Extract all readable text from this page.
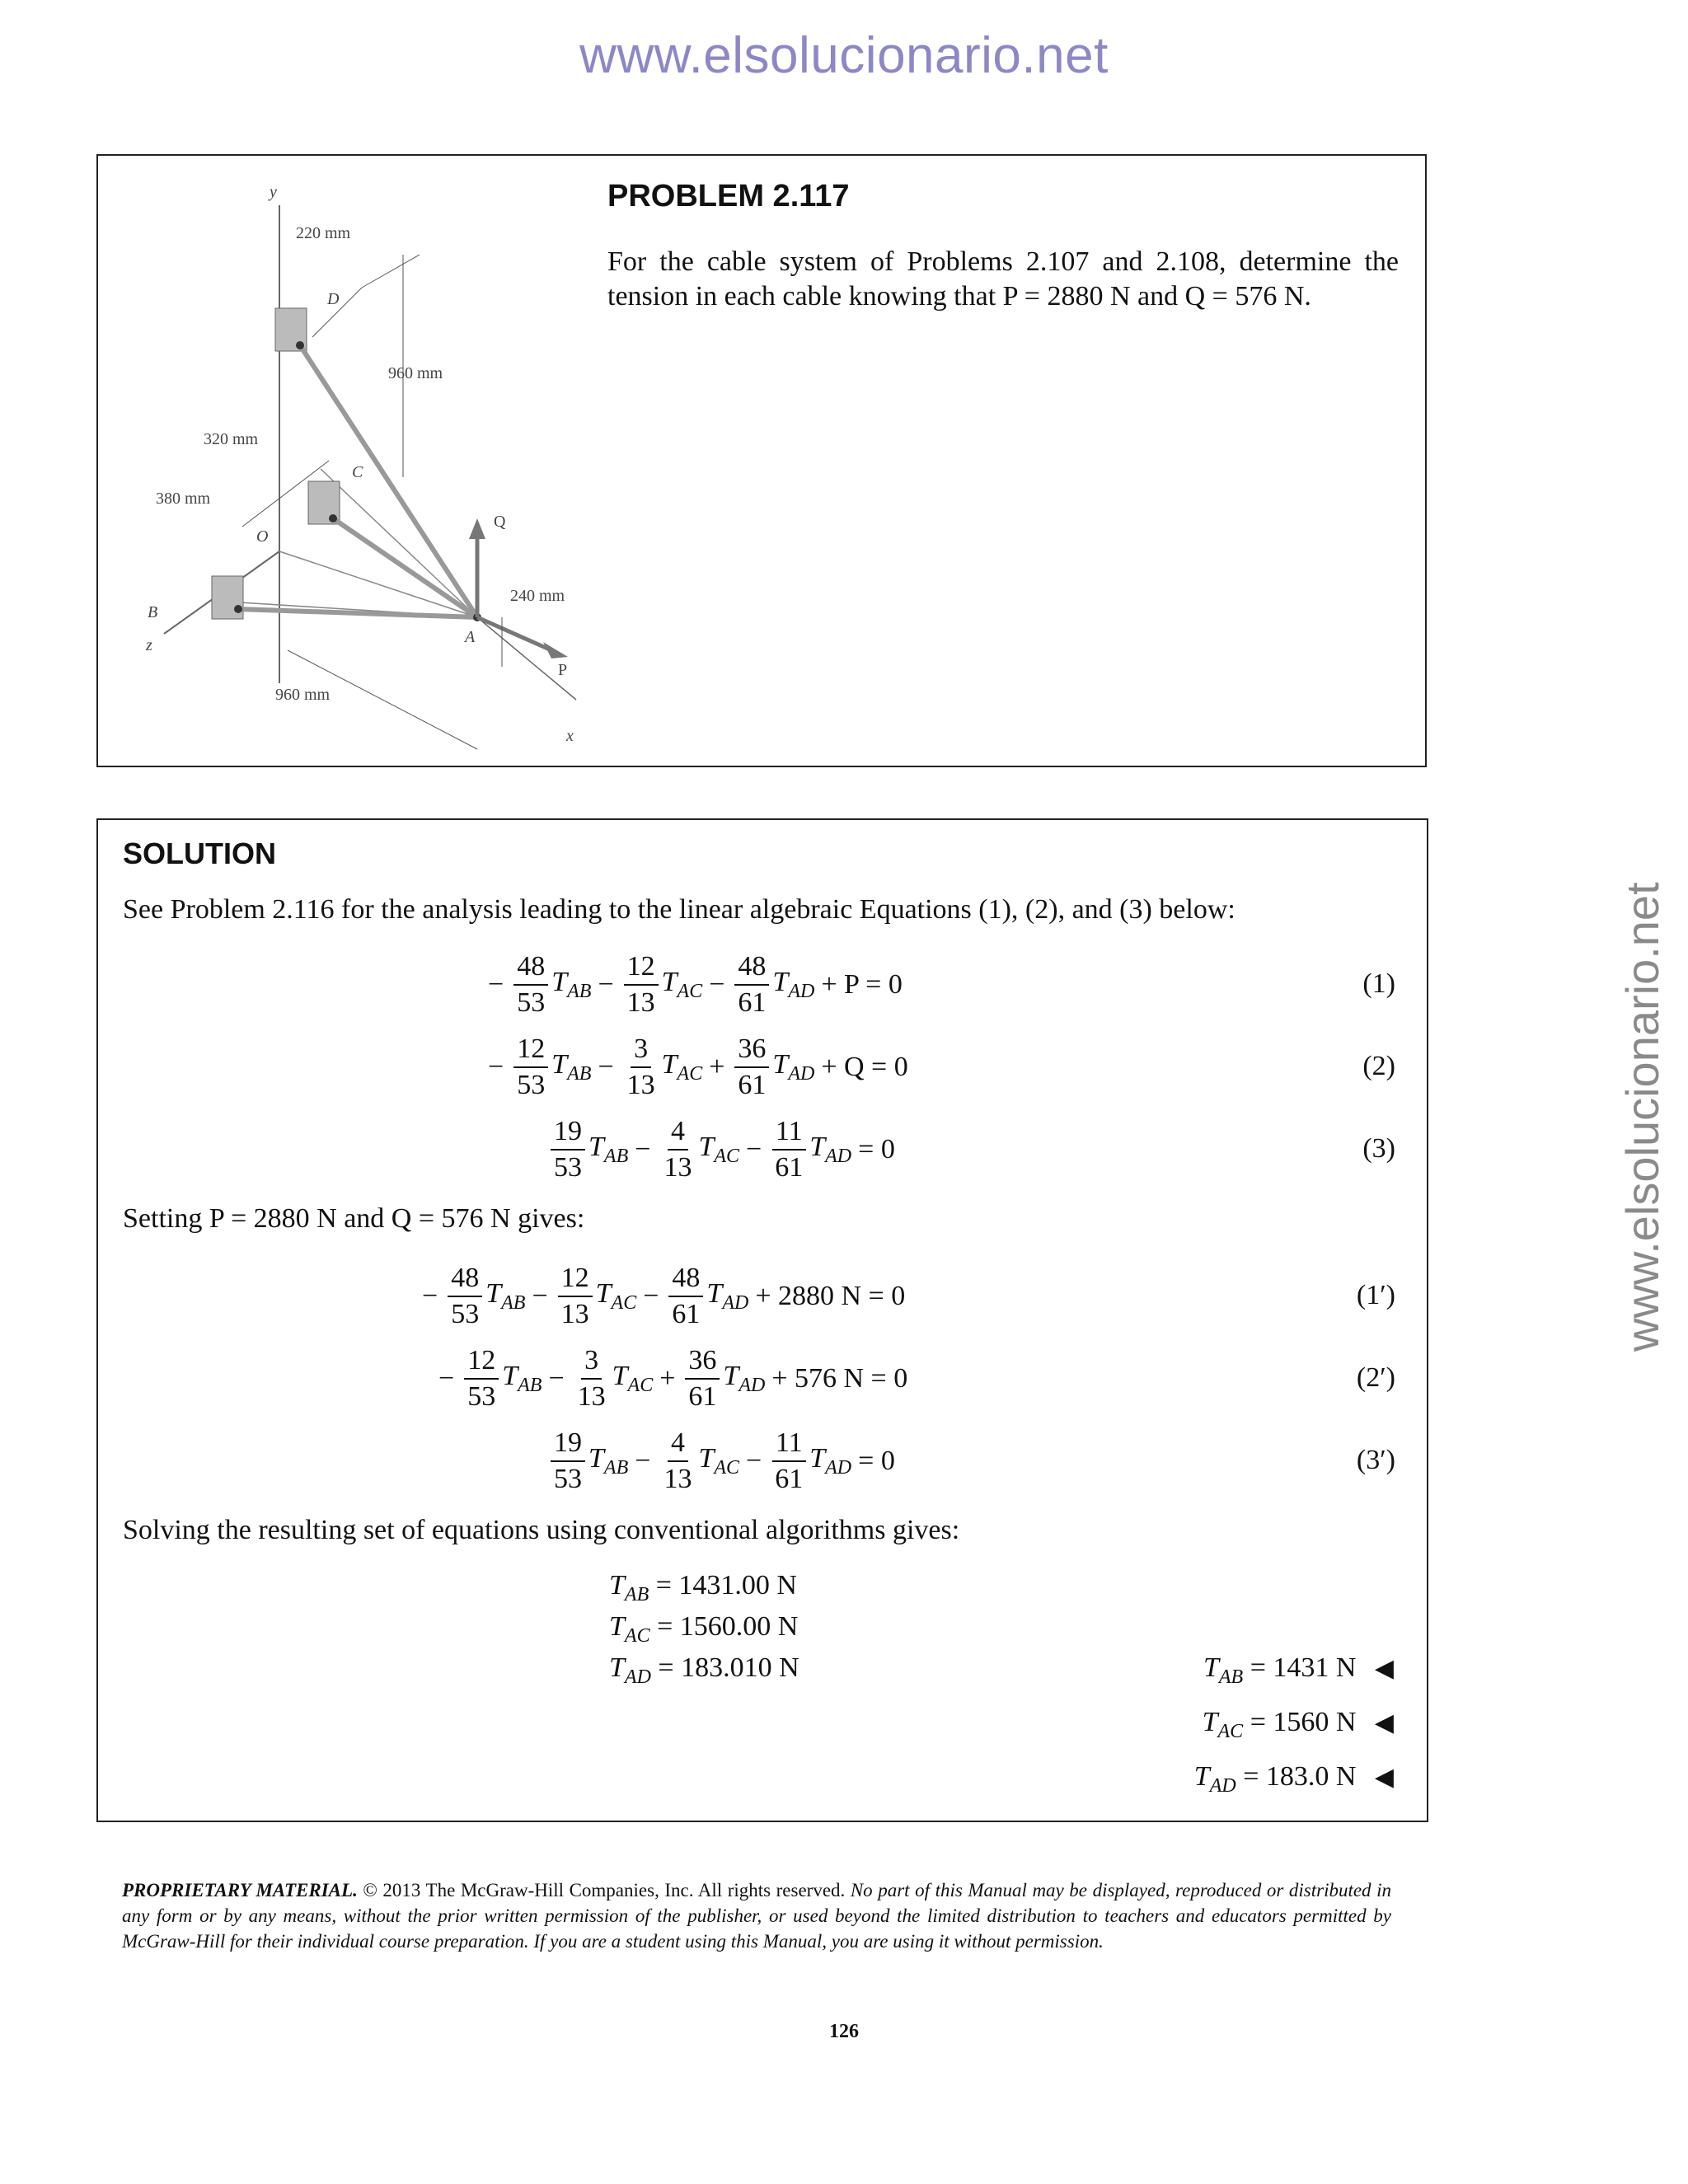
www.elsolucionario.net
www.elsolucionario.net
y
220 mm
D
960 mm
320 mm
C
380 mm
O
B
A
z
240 mm
960 mm
x
Q
P
PROBLEM 2.117
For the cable system of Problems 2.107 and 2.108, determine the tension in each cable knowing that P = 2880 N and Q = 576 N.
SOLUTION
See Problem 2.116 for the analysis leading to the linear algebraic Equations (1), (2), and (3) below:
− $\frac{48}{53} T_{AB} - \frac{12}{13} T_{AC} - \frac{48}{61} T_{AD} + P = 0$	(1)
− $\frac{12}{53} T_{AB} - \frac{3}{13} T_{AC} + \frac{36}{61} T_{AD} + Q = 0$	(2)
$\frac{19}{53} T_{AB} - \frac{4}{13} T_{AC} - \frac{11}{61} T_{AD} = 0$	(3)
Setting P = 2880 N and Q = 576 N gives:
− $\frac{48}{53} T_{AB} - \frac{12}{13} T_{AC} - \frac{48}{61} T_{AD} + 2880$ N = 0	(1′)
− $\frac{12}{53} T_{AB} - \frac{3}{13} T_{AC} + \frac{36}{61} T_{AD} + 576$ N = 0	(2′)
$\frac{19}{53} T_{AB} - \frac{4}{13} T_{AC} - \frac{11}{61} T_{AD} = 0$	(3′)
Solving the resulting set of equations using conventional algorithms gives:
$T_{AB} = 1431.00$ N
$T_{AC} = 1560.00$ N
$T_{AD} = 183.010$ N	$T_{AB} = 1431$ N ◀
$T_{AC} = 1560$ N ◀
$T_{AD} = 183.0$ N ◀
PROPRIETARY MATERIAL. © 2013 The McGraw-Hill Companies, Inc. All rights reserved. No part of this Manual may be displayed, reproduced or distributed in any form or by any means, without the prior written permission of the publisher, or used beyond the limited distribution to teachers and educators permitted by McGraw-Hill for their individual course preparation. If you are a student using this Manual, you are using it without permission.
126
